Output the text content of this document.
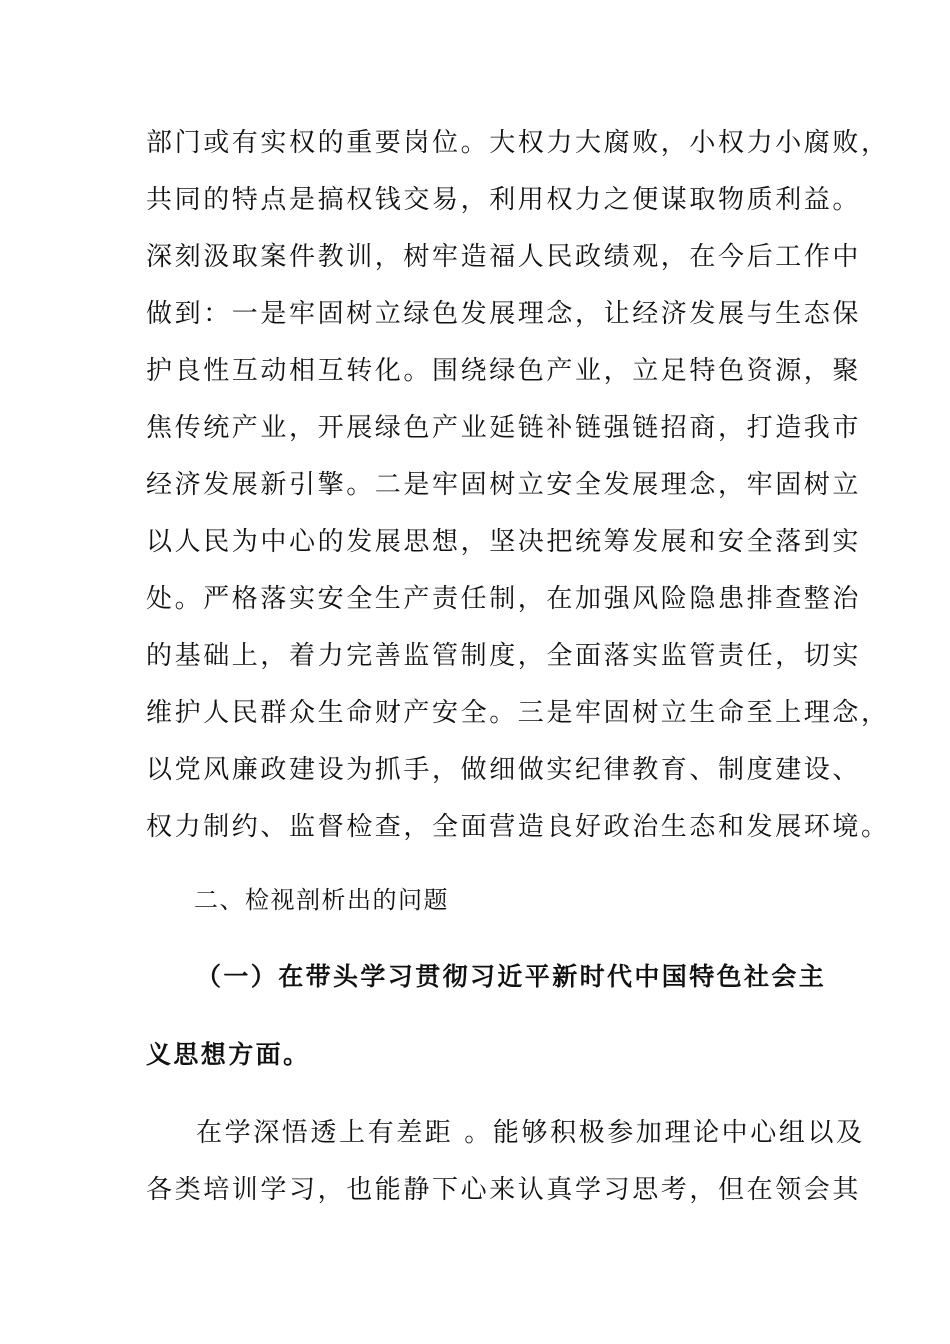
部门或有实权的重要岗位。大权力大腐败，小权力小腐败，
共同的特点是搞权钱交易，利用权力之便谋取物质利益。
深刻汲取案件教训，树牢造福人民政绩观，在今后工作中
做到：一是牢固树立绿色发展理念，让经济发展与生态保
护良性互动相互转化。围绕绿色产业，立足特色资源，聚
焦传统产业，开展绿色产业延链补链强链招商，打造我市
经济发展新引擎。二是牢固树立安全发展理念，牢固树立
以人民为中心的发展思想，坚决把统筹发展和安全落到实
处。严格落实安全生产责任制，在加强风险隐患排查整治
的基础上，着力完善监管制度，全面落实监管责任，切实
维护人民群众生命财产安全。三是牢固树立生命至上理念，
以党风廉政建设为抓手，做细做实纪律教育、制度建设、
权力制约、监督检查，全面营造良好政治生态和发展环境。
二、检视剖析出的问题
（一）在带头学习贯彻习近平新时代中国特色社会主
义思想方面。
在学深悟透上有差距 。能够积极参加理论中心组以及
各类培训学习，也能静下心来认真学习思考，但在领会其
